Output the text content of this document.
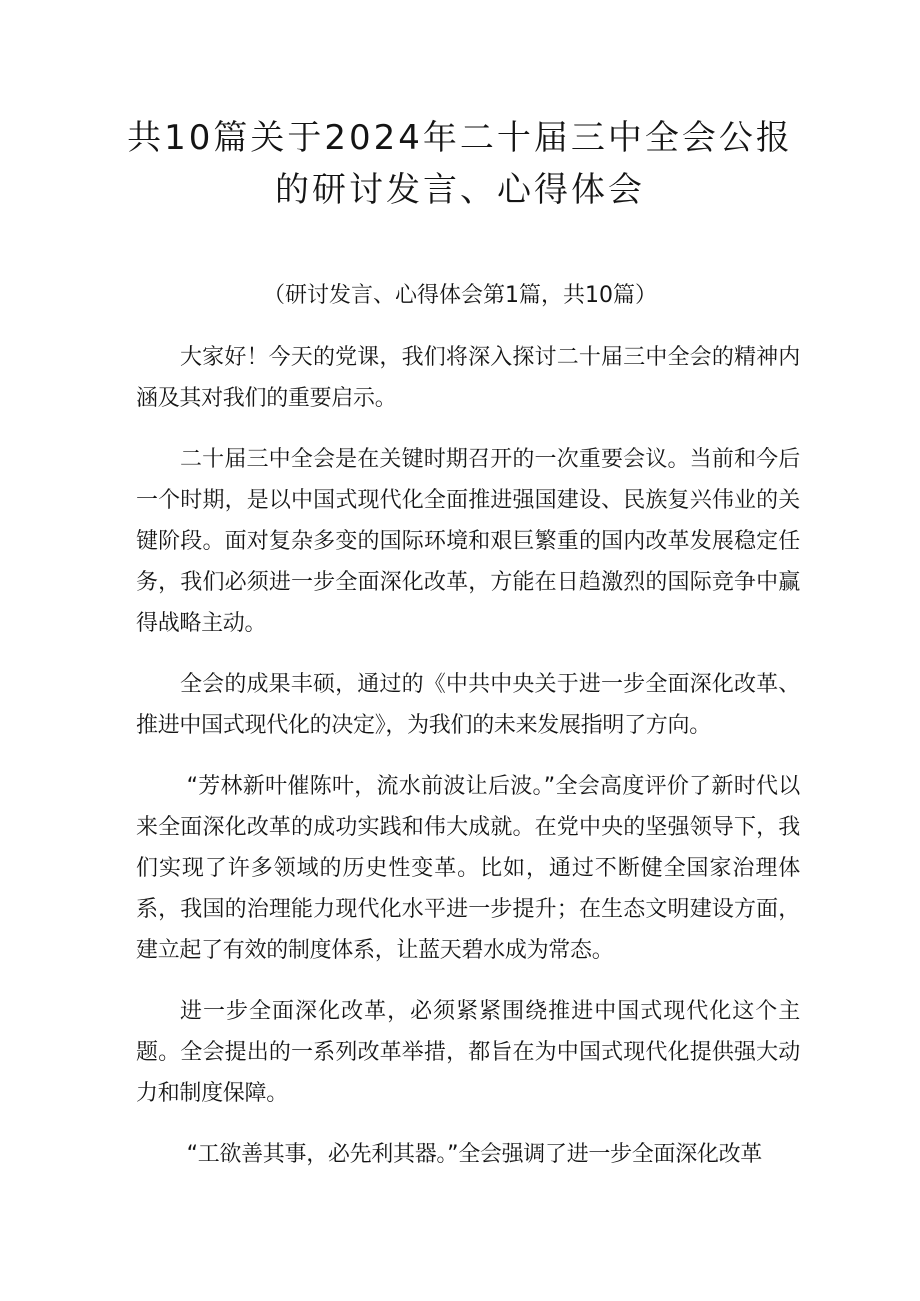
共10篇关于2024年二十届三中全会公报
的研讨发言、心得体会

（研讨发言、心得体会第1篇，共10篇）

大家好！今天的党课，我们将深入探讨二十届三中全会的精神内涵及其对我们的重要启示。

二十届三中全会是在关键时期召开的一次重要会议。当前和今后一个时期，是以中国式现代化全面推进强国建设、民族复兴伟业的关键阶段。面对复杂多变的国际环境和艰巨繁重的国内改革发展稳定任务，我们必须进一步全面深化改革，方能在日趋激烈的国际竞争中赢得战略主动。

全会的成果丰硕，通过的《中共中央关于进一步全面深化改革、推进中国式现代化的决定》，为我们的未来发展指明了方向。

“芳林新叶催陈叶，流水前波让后波。”全会高度评价了新时代以来全面深化改革的成功实践和伟大成就。在党中央的坚强领导下，我们实现了许多领域的历史性变革。比如，通过不断健全国家治理体系，我国的治理能力现代化水平进一步提升；在生态文明建设方面，建立起了有效的制度体系，让蓝天碧水成为常态。

进一步全面深化改革，必须紧紧围绕推进中国式现代化这个主题。全会提出的一系列改革举措，都旨在为中国式现代化提供强大动力和制度保障。

“工欲善其事，必先利其器。”全会强调了进一步全面深化改革
